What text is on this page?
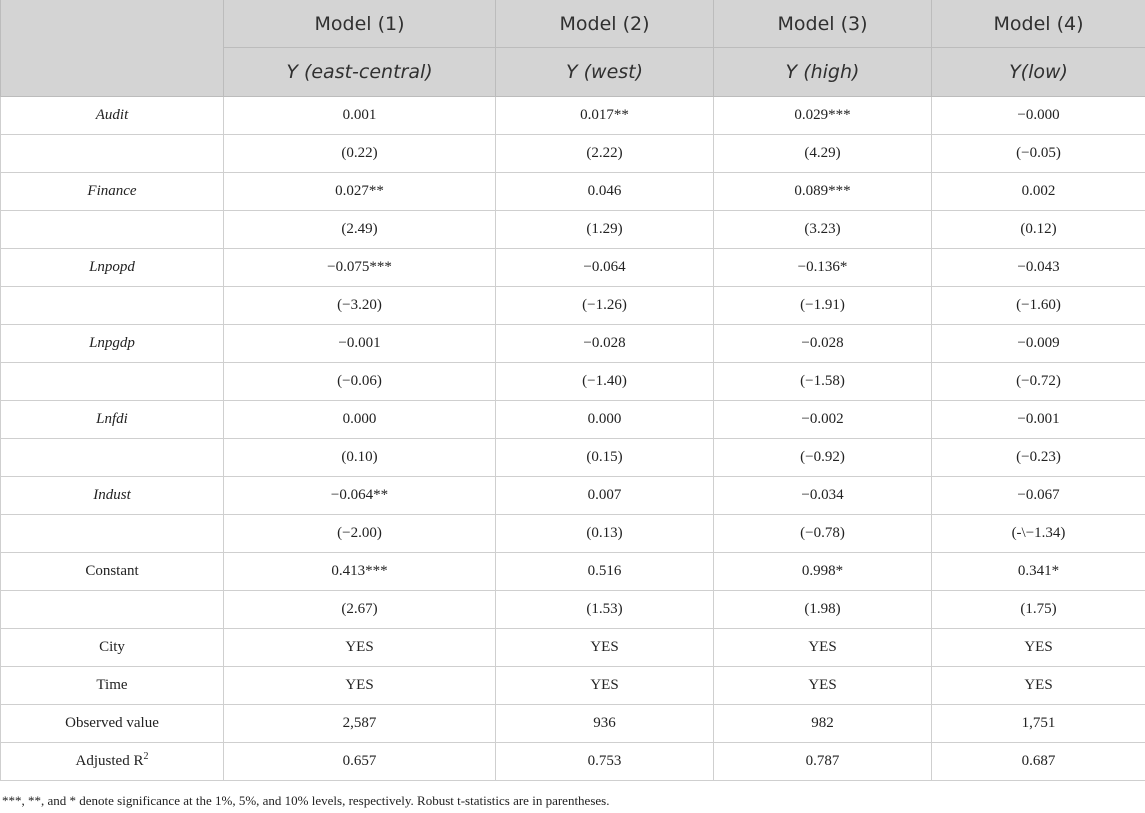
	Model (1)	Model (2)	Model (3)	Model (4)
	Y (east-central)	Y (west)	Y (high)	Y(low)
Audit	0.001	0.017**	0.029***	−0.000
	(0.22)	(2.22)	(4.29)	(−0.05)
Finance	0.027**	0.046	0.089***	0.002
	(2.49)	(1.29)	(3.23)	(0.12)
Lnpopd	−0.075***	−0.064	−0.136*	−0.043
	(−3.20)	(−1.26)	(−1.91)	(−1.60)
Lnpgdp	−0.001	−0.028	−0.028	−0.009
	(−0.06)	(−1.40)	(−1.58)	(−0.72)
Lnfdi	0.000	0.000	−0.002	−0.001
	(0.10)	(0.15)	(−0.92)	(−0.23)
Indust	−0.064**	0.007	−0.034	−0.067
	(−2.00)	(0.13)	(−0.78)	(-\−1.34)
Constant	0.413***	0.516	0.998*	0.341*
	(2.67)	(1.53)	(1.98)	(1.75)
City	YES	YES	YES	YES
Time	YES	YES	YES	YES
Observed value	2,587	936	982	1,751
Adjusted $R^2$	0.657	0.753	0.787	0.687
***, **, and * denote significance at the 1%, 5%, and 10% levels, respectively. Robust t-statistics are in parentheses.
